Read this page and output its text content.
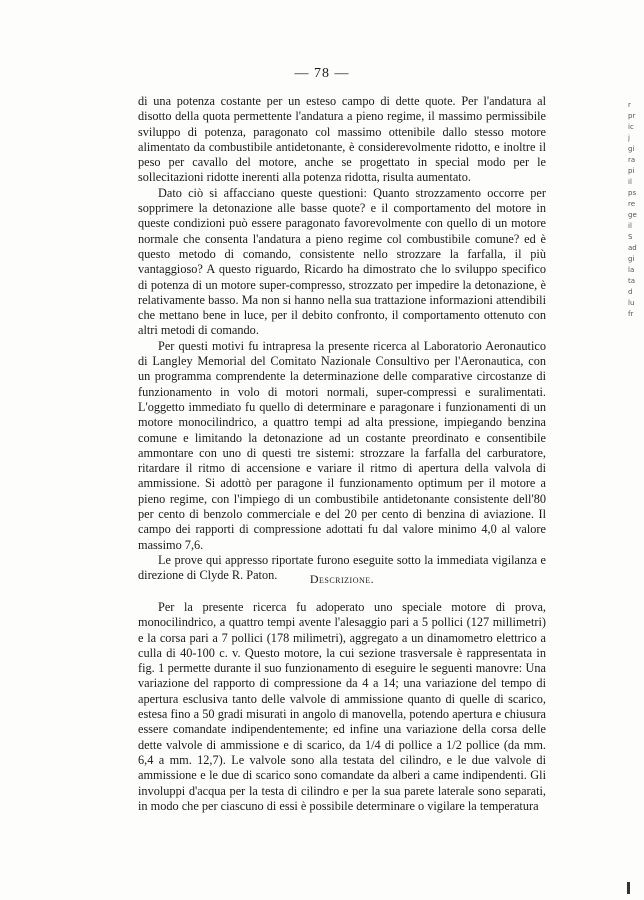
— 78 —

di una potenza costante per un esteso campo di dette quote. Per l'andatura al disotto della quota permettente l'andatura a pieno regime, il massimo permissibile sviluppo di potenza, paragonato col massimo ottenibile dallo stesso motore alimentato da combustibile antidetonante, è considerevolmente ridotto, e inoltre il peso per cavallo del motore, anche se progettato in special modo per le sollecitazioni ridotte inerenti alla potenza ridotta, risulta aumentato.

Dato ciò si affacciano queste questioni: Quanto strozzamento occorre per sopprimere la detonazione alle basse quote? e il comportamento del motore in queste condizioni può essere paragonato favorevolmente con quello di un motore normale che consenta l'andatura a pieno regime col combustibile comune? ed è questo metodo di comando, consistente nello strozzare la farfalla, il più vantaggioso? A questo riguardo, Ricardo ha dimostrato che lo sviluppo specifico di potenza di un motore super-compresso, strozzato per impedire la detonazione, è relativamente basso. Ma non si hanno nella sua trattazione informazioni attendibili che mettano bene in luce, per il debito confronto, il comportamento ottenuto con altri metodi di comando.

Per questi motivi fu intrapresa la presente ricerca al Laboratorio Aeronautico di Langley Memorial del Comitato Nazionale Consultivo per l'Aeronautica, con un programma comprendente la determinazione delle comparative circostanze di funzionamento in volo di motori normali, super-compressi e suralimentati. L'oggetto immediato fu quello di determinare e paragonare i funzionamenti di un motore monocilindrico, a quattro tempi ad alta pressione, impiegando benzina comune e limitando la detonazione ad un costante preordinato e consentibile ammontare con uno di questi tre sistemi: strozzare la farfalla del carburatore, ritardare il ritmo di accensione e variare il ritmo di apertura della valvola di ammissione. Si adottò per paragone il funzionamento optimum per il motore a pieno regime, con l'impiego di un combustibile antidetonante consistente dell'80 per cento di benzolo commerciale e del 20 per cento di benzina di aviazione. Il campo dei rapporti di compressione adottati fu dal valore minimo 4,0 al valore massimo 7,6.

Le prove qui appresso riportate furono eseguite sotto la immediata vigilanza e direzione di Clyde R. Paton.	Descrizione.

Per la presente ricerca fu adoperato uno speciale motore di prova, monocilindrico, a quattro tempi avente l'alesaggio pari a 5 pollici (127 millimetri) e la corsa pari a 7 pollici (178 milimetri), aggregato a un dinamometro elettrico a culla di 40-100 c. v. Questo motore, la cui sezione trasversale è rappresentata in fig. 1 permette durante il suo funzionamento di eseguire le seguenti manovre: Una variazione del rapporto di compressione da 4 a 14; una variazione del tempo di apertura esclusiva tanto delle valvole di ammissione quanto di quelle di scarico, estesa fino a 50 gradi misurati in angolo di manovella, potendo apertura e chiusura essere comandate indipendentemente; ed infine una variazione della corsa delle dette valvole di ammissione e di scarico, da 1/4 di pollice a 1/2 pollice (da mm. 6,4 a mm. 12,7). Le valvole sono alla testata del cilindro, e le due valvole di ammissione e le due di scarico sono comandate da alberi a came indipendenti. Gli involuppi d'acqua per la testa di cilindro e per la sua parete laterale sono separati, in modo che per ciascuno di essi è possibile determinare o vigilare la temperatura

r
pr
ic
j
gi
ra
pi
il
ps
re
ge
il
S
ad
gi
la
ta
d
lu
fr
